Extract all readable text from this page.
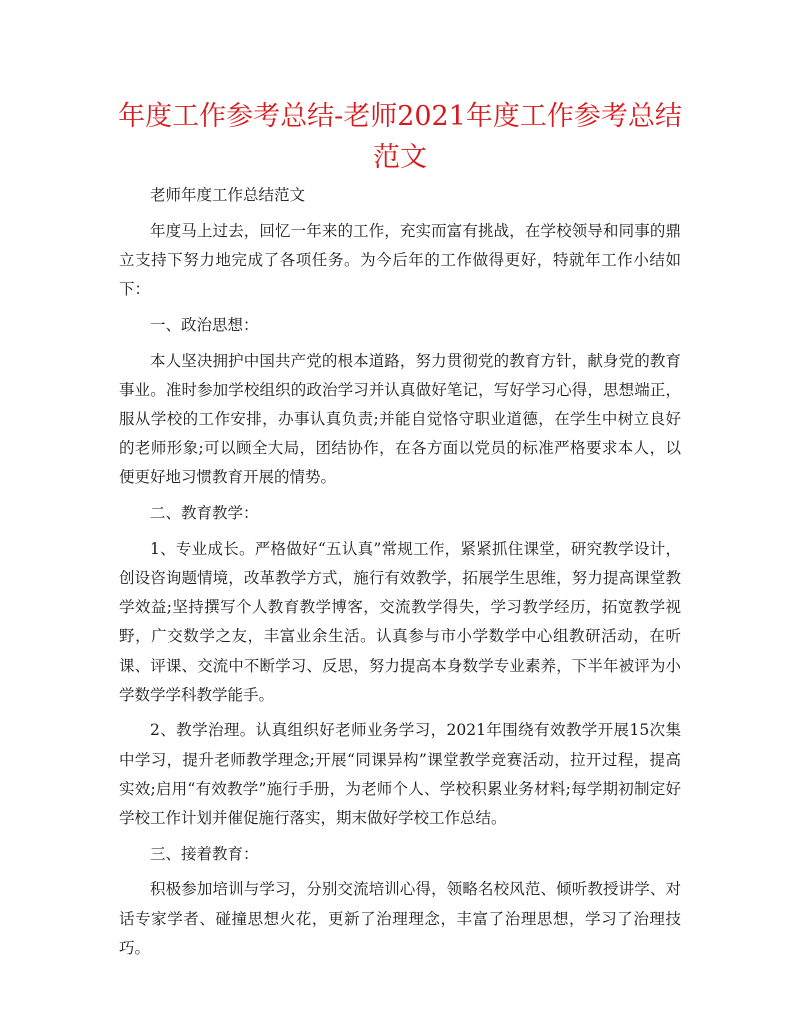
年度工作参考总结-老师2021年度工作参考总结范文

老师年度工作总结范文

年度马上过去，回忆一年来的工作，充实而富有挑战，在学校领导和同事的鼎立支持下努力地完成了各项任务。为今后年的工作做得更好，特就年工作小结如下：

一、政治思想：

本人坚决拥护中国共产党的根本道路，努力贯彻党的教育方针，献身党的教育事业。准时参加学校组织的政治学习并认真做好笔记，写好学习心得，思想端正，服从学校的工作安排，办事认真负责;并能自觉恪守职业道德，在学生中树立良好的老师形象;可以顾全大局，团结协作，在各方面以党员的标准严格要求本人，以便更好地习惯教育开展的情势。

二、教育教学：

1、专业成长。严格做好“五认真”常规工作，紧紧抓住课堂，研究教学设计，创设咨询题情境，改革教学方式，施行有效教学，拓展学生思维，努力提高课堂教学效益;坚持撰写个人教育教学博客，交流教学得失，学习教学经历，拓宽教学视野，广交数学之友，丰富业余生活。认真参与市小学数学中心组教研活动，在听课、评课、交流中不断学习、反思，努力提高本身数学专业素养，下半年被评为小学数学学科教学能手。

2、教学治理。认真组织好老师业务学习，2021年围绕有效教学开展15次集中学习，提升老师教学理念;开展“同课异构”课堂教学竞赛活动，拉开过程，提高实效;启用“有效教学”施行手册，为老师个人、学校积累业务材料;每学期初制定好学校工作计划并催促施行落实，期末做好学校工作总结。

三、接着教育：

积极参加培训与学习，分别交流培训心得，领略名校风范、倾听教授讲学、对话专家学者、碰撞思想火花，更新了治理理念，丰富了治理思想，学习了治理技巧。
